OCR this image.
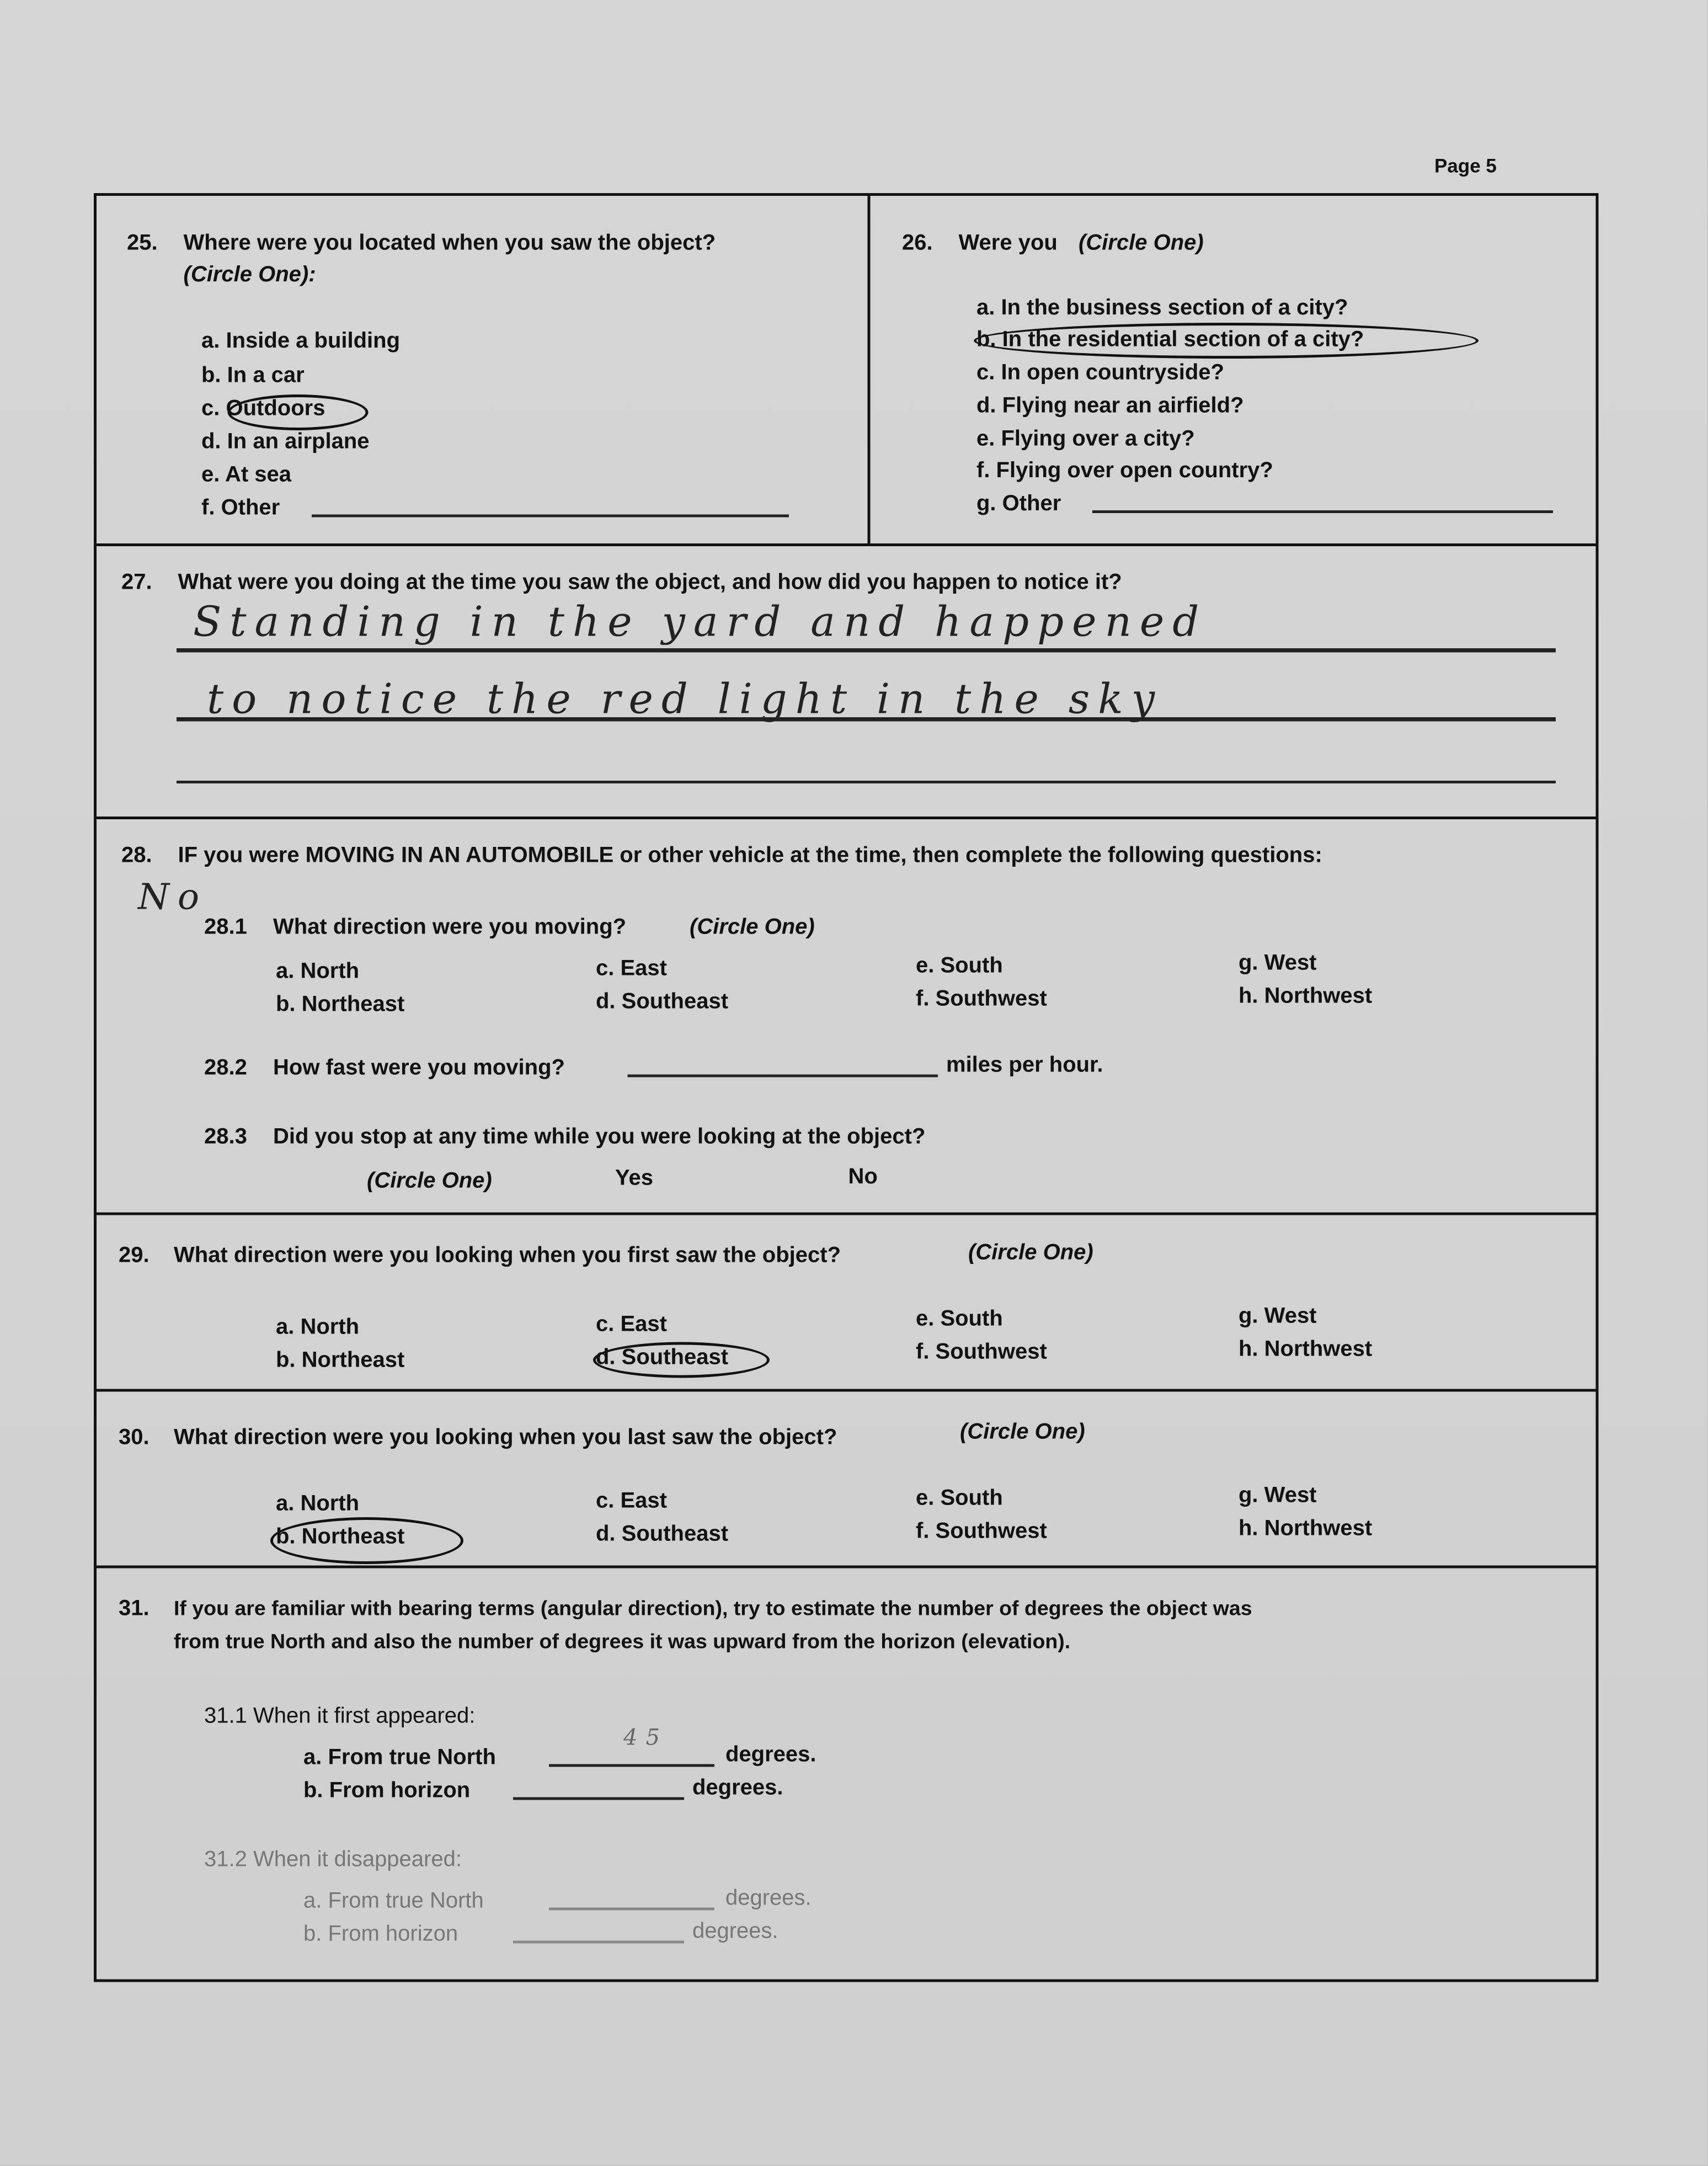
Page 5
25.	Where were you located when you saw the object?
(Circle One):
a. Inside a building
b. In a car
c. Outdoors
d. In an airplane
e. At sea
f. Other
26.	Were you (Circle One)
a. In the business section of a city?
b. In the residential section of a city?
c. In open countryside?
d. Flying near an airfield?
e. Flying over a city?
f. Flying over open country?
g. Other
27.	What were you doing at the time you saw the object, and how did you happen to notice it?
Standing in the yard and happened
to notice the red light in the sky
28.	IF you were MOVING IN AN AUTOMOBILE or other vehicle at the time, then complete the following questions:
No
28.1	What direction were you moving?	(Circle One)
a. North
b. Northeast
c. East
d. Southeast
e. South
f. Southwest
g. West
h. Northwest
28.2	How fast were you moving?	miles per hour.
28.3	Did you stop at any time while you were looking at the object?
(Circle One)	Yes	No
29.	What direction were you looking when you first saw the object?	(Circle One)
a. North
b. Northeast
c. East
d. Southeast
e. South
f. Southwest
g. West
h. Northwest
30.	What direction were you looking when you last saw the object?	(Circle One)
a. North
b. Northeast
c. East
d. Southeast
e. South
f. Southwest
g. West
h. Northwest
31.	If you are familiar with bearing terms (angular direction), try to estimate the number of degrees the object was
from true North and also the number of degrees it was upward from the horizon (elevation).
31.1 When it first appeared:
a. From true North
45
degrees.
b. From horizon	degrees.
31.2 When it disappeared:
a. From true North	degrees.
b. From horizon	degrees.
